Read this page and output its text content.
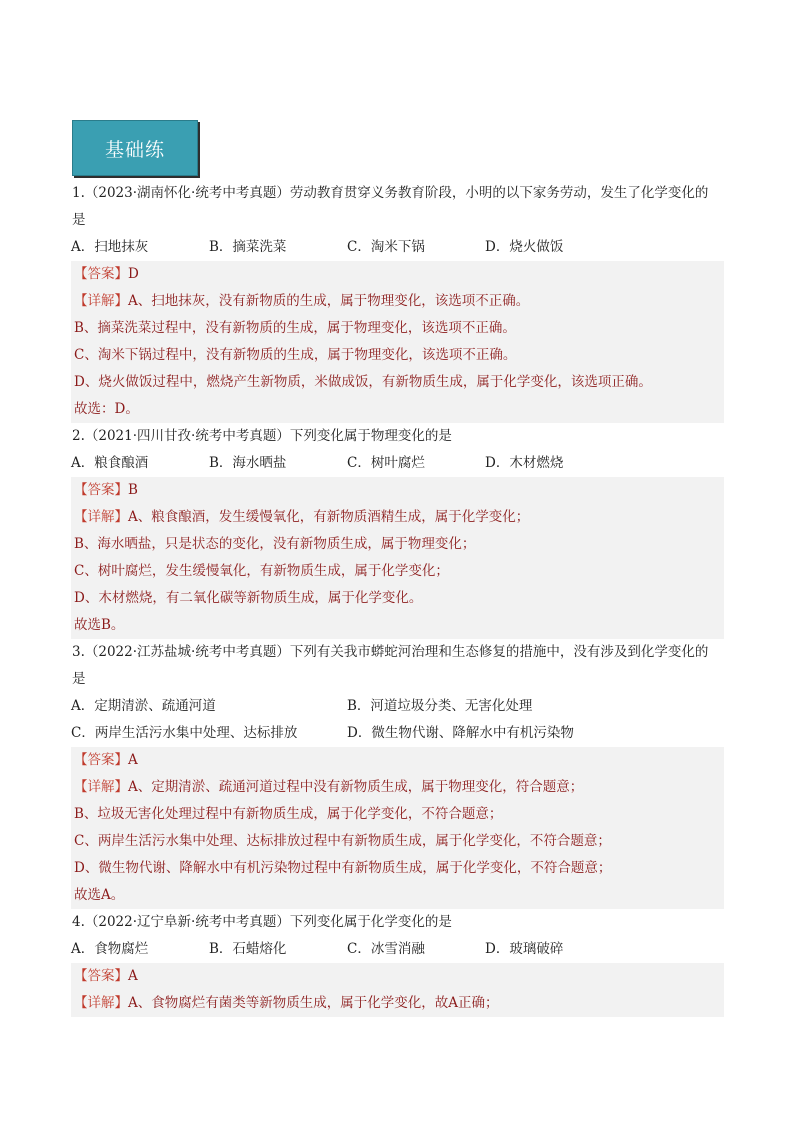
基础练
1.（2023·湖南怀化·统考中考真题）劳动教育贯穿义务教育阶段，小明的以下家务劳动，发生了化学变化的
是
A．扫地抹灰	B．摘菜洗菜	C．淘米下锅	D．烧火做饭
【答案】D
【详解】A、扫地抹灰，没有新物质的生成，属于物理变化，该选项不正确。
B、摘菜洗菜过程中，没有新物质的生成，属于物理变化，该选项不正确。
C、淘米下锅过程中，没有新物质的生成，属于物理变化，该选项不正确。
D、烧火做饭过程中，燃烧产生新物质，米做成饭，有新物质生成，属于化学变化，该选项正确。
故选：D。
2.（2021·四川甘孜·统考中考真题）下列变化属于物理变化的是
A．粮食酿酒	B．海水晒盐	C．树叶腐烂	D．木材燃烧
【答案】B
【详解】A、粮食酿酒，发生缓慢氧化，有新物质酒精生成，属于化学变化；
B、海水晒盐，只是状态的变化，没有新物质生成，属于物理变化；
C、树叶腐烂，发生缓慢氧化，有新物质生成，属于化学变化；
D、木材燃烧，有二氧化碳等新物质生成，属于化学变化。
故选B。
3.（2022·江苏盐城·统考中考真题）下列有关我市蟒蛇河治理和生态修复的措施中，没有涉及到化学变化的
是
A．定期清淤、疏通河道	B．河道垃圾分类、无害化处理
C．两岸生活污水集中处理、达标排放	D．微生物代谢、降解水中有机污染物
【答案】A
【详解】A、定期清淤、疏通河道过程中没有新物质生成，属于物理变化，符合题意；
B、垃圾无害化处理过程中有新物质生成，属于化学变化，不符合题意；
C、两岸生活污水集中处理、达标排放过程中有新物质生成，属于化学变化，不符合题意；
D、微生物代谢、降解水中有机污染物过程中有新物质生成，属于化学变化，不符合题意；
故选A。
4.（2022·辽宁阜新·统考中考真题）下列变化属于化学变化的是
A．食物腐烂	B．石蜡熔化	C．冰雪消融	D．玻璃破碎
【答案】A
【详解】A、食物腐烂有菌类等新物质生成，属于化学变化，故A正确；
